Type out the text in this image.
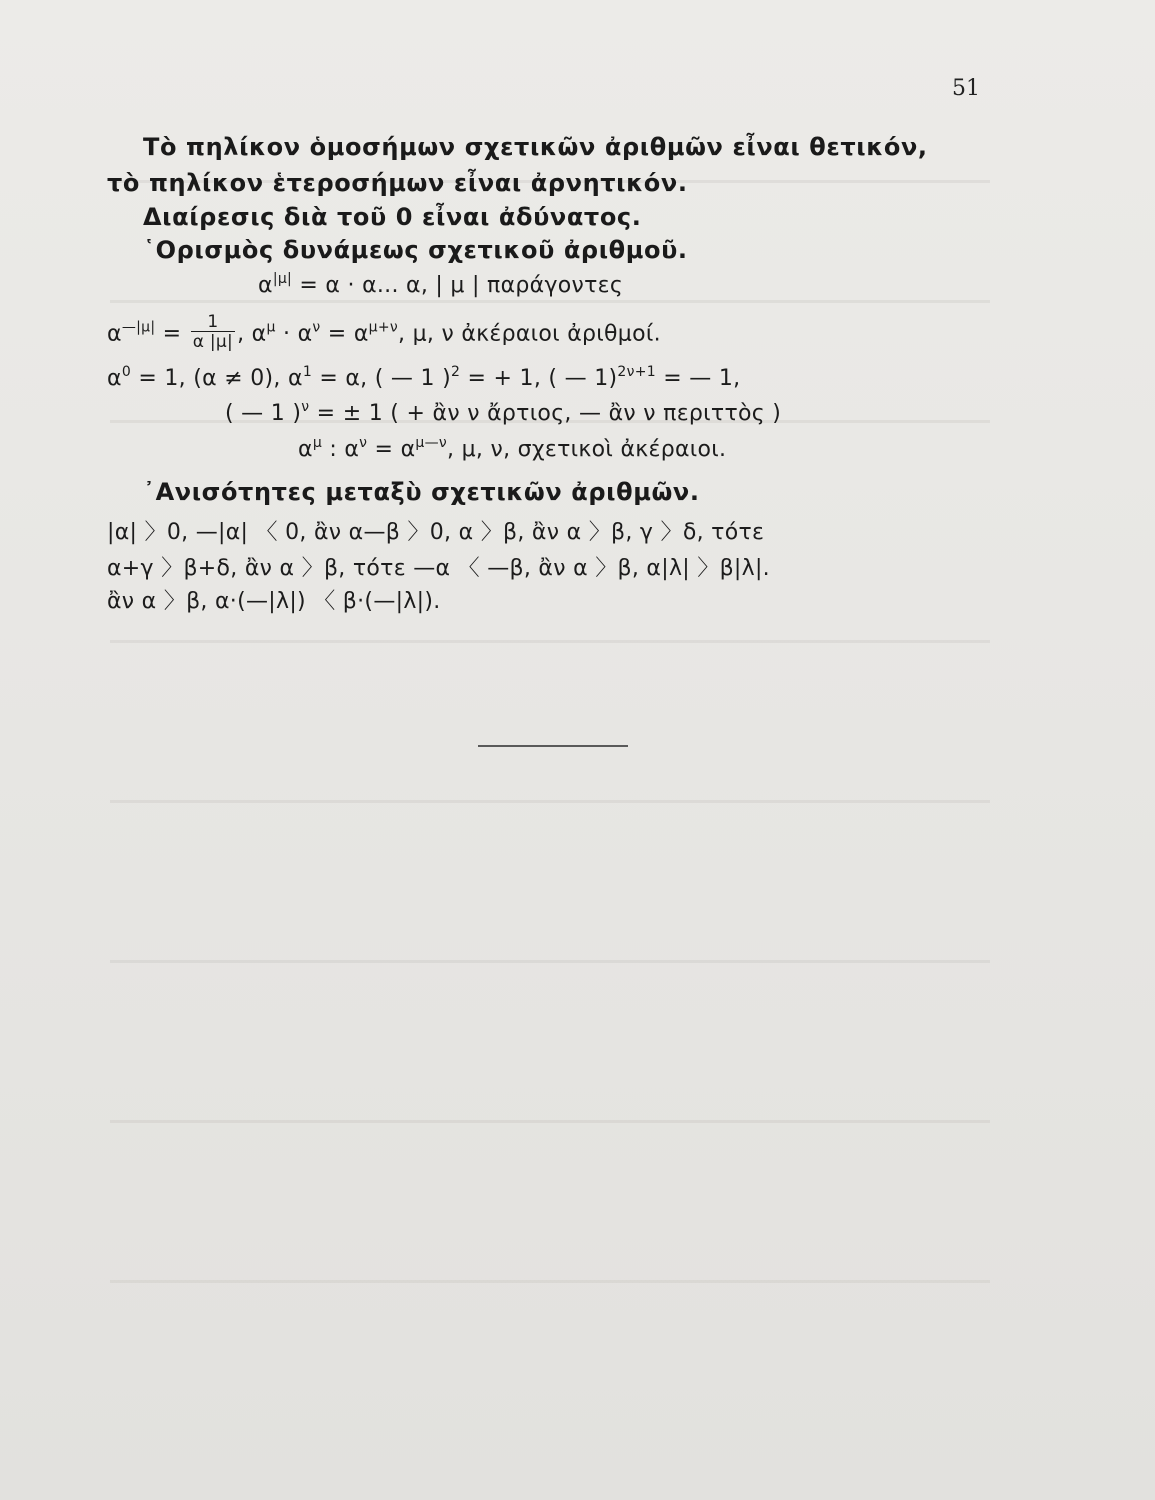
51
Τὸ πηλίκον ὁμοσήμων σχετικῶν ἀριθμῶν εἶναι θετικόν,
τὸ πηλίκον ἑτεροσήμων εἶναι ἀρνητικόν.
Διαίρεσις διὰ τοῦ 0 εἶναι ἀδύνατος.
῾Ορισμὸς δυνάμεως σχετικοῦ ἀριθμοῦ.
$\alpha^{|\mu|} = \alpha \cdot \alpha$... α, | μ | παράγοντες
$\alpha^{—|\mu|} = \frac{1}{\alpha |\mu|}$ , $\alpha^\mu \cdot \alpha^\nu = \alpha^{\mu+\nu}$, μ, ν ἀκέραιοι ἀριθμοί.
$\alpha^0 = 1$, (α ≠ 0), $\alpha^1 = \alpha$, ( — 1 )$^2$ = + 1, ( — 1)$^{2\nu+1}$ = — 1,
( — 1 )$^\nu$ = ± 1 ( + ἂν ν ἄρτιος, — ἂν ν περιττὸς )
$\alpha^\mu$ : $\alpha^\nu = \alpha^{\mu—\nu}$, μ, ν, σχετικοὶ ἀκέραιοι.
᾿Ανισότητες μεταξὺ σχετικῶν ἀριθμῶν.
|α| 〉0, —|α| 〈 0, ἂν α—β 〉0, α 〉β, ἂν α 〉β, γ 〉δ, τότε
α+γ 〉β+δ, ἂν α 〉β, τότε —α 〈 —β, ἂν α 〉β, α|λ| 〉β|λ|.
ἂν α 〉β, α·(—|λ|) 〈 β·(—|λ|).
